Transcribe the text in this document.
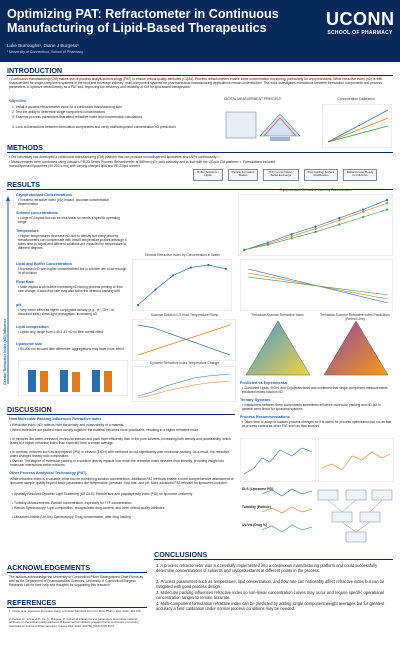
Optimizing PAT: Refractometer in Continuous Manufacturing of Lipid-Based Therapeutics
Luke Burroughs¹, Diane J Burgess¹
¹ University of Connecticut, School of Pharmacy
UCONN
SCHOOL OF PHARMACY
INTRODUCTION
• Continuous manufacturing (CM) makes use of process analytical technology (PAT) to ensure critical quality attributes (CQAs). Process refractometers enable inline concentration monitoring, particularly for cryoprotectants. While refractive index (nD) is well-characterized for single-component systems in the food and beverage industry, multi-component systems for pharmaceutical manufacturing applications remain understudied. This work investigates interactions between formulation components and process parameters to optimize refractometry as a PAT tool, improving the efficiency and reliability of CM for lipid-based therapeutics.
Objective
1. Install a process refractometer inline for a continuous manufacturing skid
2. Test the ability to determine single component concentrations
3. Examine process parameters that affect refractive index and concentration calculations
4. Look at interactions between formulation components and verify multicomponent concentration nD predictions
DIGITAL MEASUREMENT PRINCIPLE	Concentration Calibration
METHODS
• Our laboratory has developed a continuous manufacturing (CM) platform that can produce monodispersed liposomes and LNPs continuously¹·².
• Measurements were conducted using Vaisala's PR-23 Series Process Refractometer at 589nm (nD), both statically and in-flow with the UConn CM platform¹·². Formulations included: monodispersed liposomes (50-200 d.nm) with varying charged lipid and PEG-lipid content
Buffer Solutions / Lipids
Particle Formation Station
TFF Concentration / Buffer Exchange
Post-loading/ Surface Modification
Refractometer Ready for Fill-finish
RESULTS
Greater Refractive Index (nD) Influence
Cryoprotectant Concentrations
• Greatest refractive index (nD) impact, accurate concentration determination
Solvent concentrations
• Large nD impact but can be less linear so needs a specific operating range
Temperature
• Higher temperatures decrease nD due to density but many process refractometers can compensate with inbuilt temperature probes although it takes time to adjust and different solutions are impacted by temperature to different degrees
Lipid and Buffer Concentration
• Increased nD with higher concentrations but in solution are a low enough % of solution
Flow Rate
• Main impact is air bubble increasing nD during process priming or flow rate change. A slow flow rate may also solve the detector causing drift
pH
• Very minor effect as higher conjugates density (e.g., H⁺, OH⁻, or dissolved salts) slows light propagation, increasing nD
Lipid composition
• Lipids only range from 1.40-1.47 nD so little overall effect
Liposome size
• 50-200 nm showed little difference, aggregations may have more effect
Cryoprotectant Refractive Index by Concentration
Ethanol Refractive Index by Concentration in Water
Sucrose Solution 0.5 Hour Temperature Ramp
Dynamic Refractive index Temperature Change
Trehalose-Sucrose Refractive Index	Trehalose-Sucrose Refractive Index Predictions (Perfect Line)
Predicted vs Experimental
• Combined Lipids, EtOH, and Cryoprotectants and confirmed that single component measurements predicted mixed solution nD.
Ternary Systems
• Interactions between three components sometimes influence molecular packing and nD but in general were linear for liposomal systems
Process Recommendations
• Takes time to adapt to sudden process changes so it is useful for process optimization but not as fast at process control as other PAT such as flow sensors
DISCUSSION
How Molecular Packing Influences Refractive Index
• Refractive index (nD) reflects both the density and polarizability of a material.
• When molecules are packed more closely together, the material becomes more polarizable, resulting in a higher refractive index.
• In mixtures like water-methanol, molecular interact and pack more efficiently than in the pure solvents, increasing both density and polarizability, which leads to a higher refractive index than expected from a simple average.
• In contrast, mixtures such as isopropanol (IPA) or ethanol (EtOH) with methanol do not significantly alter molecular packing. As a result, the refractive index changes linearly with composition.
• Overall: The degree of molecular packing in a solution directly impacts how much the refractive index deviates from linearity, providing insight into molecular interactions within mixtures.
Other Process Analytical Technology (PAT)
While refractive index is a valuable inline tool for monitoring solution concentration, additional PAT methods enable a more comprehensive assessment of liposome sample quality beyond basic parameters like temperature, pressure, flow rate, and pH. More advanced PAT relevant for liposomes includes:
• Spatially Resolved Dynamic Light Scattering (SR-DLS): Particle size and polydispersity index (PDI) for liposome uniformity
• Turbidity Measurements: Particle concentration, especially for TFF concentration
• Raman Spectroscopy: Lipid composition, encapsulated drug content, and other critical quality attributes
• Ultraviolet-Visible (UV-Vis) Spectroscopy: Drug concentration, after drug loading
DLS (Liposome PSI)
Turbidity (Particle)
UV/Vis (Drug %)
ACKNOWLEDGEMENTS
The authors acknowledge the University of Connecticut Pfizer Distinguished Chair Funds as well as the Department of Pharmaceutical Sciences, University of Connecticut Burgess Research Lab for their help and thoughts for supporting this research
REFERENCES
1. Costa, et al. Liposome Formation Using a Coaxial Turbulent Jet in Co-Flow. Pharm. Res. 2016; 404-416.
2. Venkat, G., Costa, A.P., Xu, X., Burgess, D. Impact of critical process parameters and critical material attributes on the critical quality attributes of liposomal formulations prepared using continuous processing. International Journal of Pharmaceutics, Volume 616, 2022, 121756, ISSN 0378-5173
CONCLUSIONS
1. A process refractometer was successfully implemented into a continuous manufacturing platform and could successfully determine concentrations of solvents and cryoprotectants at different points in the process.
2. Process parameters such as temperature, lipid concentration, and flow rate can noticeably affect refractive index but can be mitigated with good process design.
3. Molecular packing influences refractive index so non-linear concentration curves may occur and require specific operational concentration ranges to remain accurate.
4. Multi-component formulation refractive index can be predicted by adding single component weight averages but for greatest accuracy a field calibration under normal process conditions may be needed.
